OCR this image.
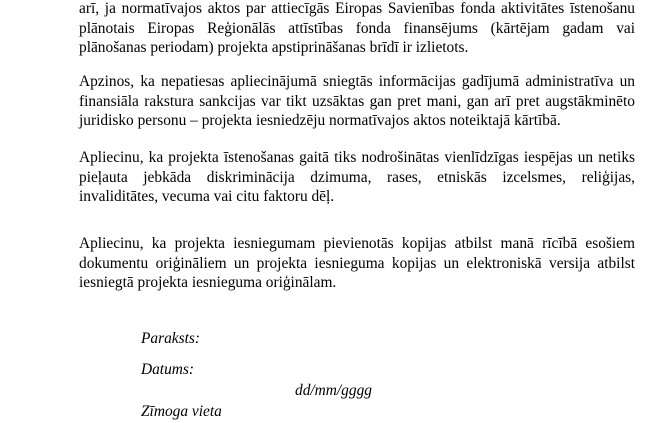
arī, ja normatīvajos aktos par attiecīgās Eiropas Savienības fonda aktivitātes īstenošanu plānotais Eiropas Reģionālās attīstības fonda finansējums (kārtējam gadam vai plānošanas periodam) projekta apstiprināšanas brīdī ir izlietots.
Apzinos, ka nepatiesas apliecinājumā sniegtās informācijas gadījumā administratīva un finansiāla rakstura sankcijas var tikt uzsāktas gan pret mani, gan arī pret augstākminēto juridisko personu – projekta iesniedzēju normatīvajos aktos noteiktajā kārtībā.
Apliecinu, ka projekta īstenošanas gaitā tiks nodrošinātas vienlīdzīgas iespējas un netiks pieļauta jebkāda diskriminācija dzimuma, rases, etniskās izcelsmes, reliģijas, invaliditātes, vecuma vai citu faktoru dēļ.
Apliecinu, ka projekta iesniegumam pievienotās kopijas atbilst manā rīcībā esošiem dokumentu oriģināliem un projekta iesnieguma kopijas un elektroniskā versija atbilst iesniegtā projekta iesnieguma oriģinālam.
Paraksts:
Datums:
dd/mm/gggg
Zīmoga vieta
